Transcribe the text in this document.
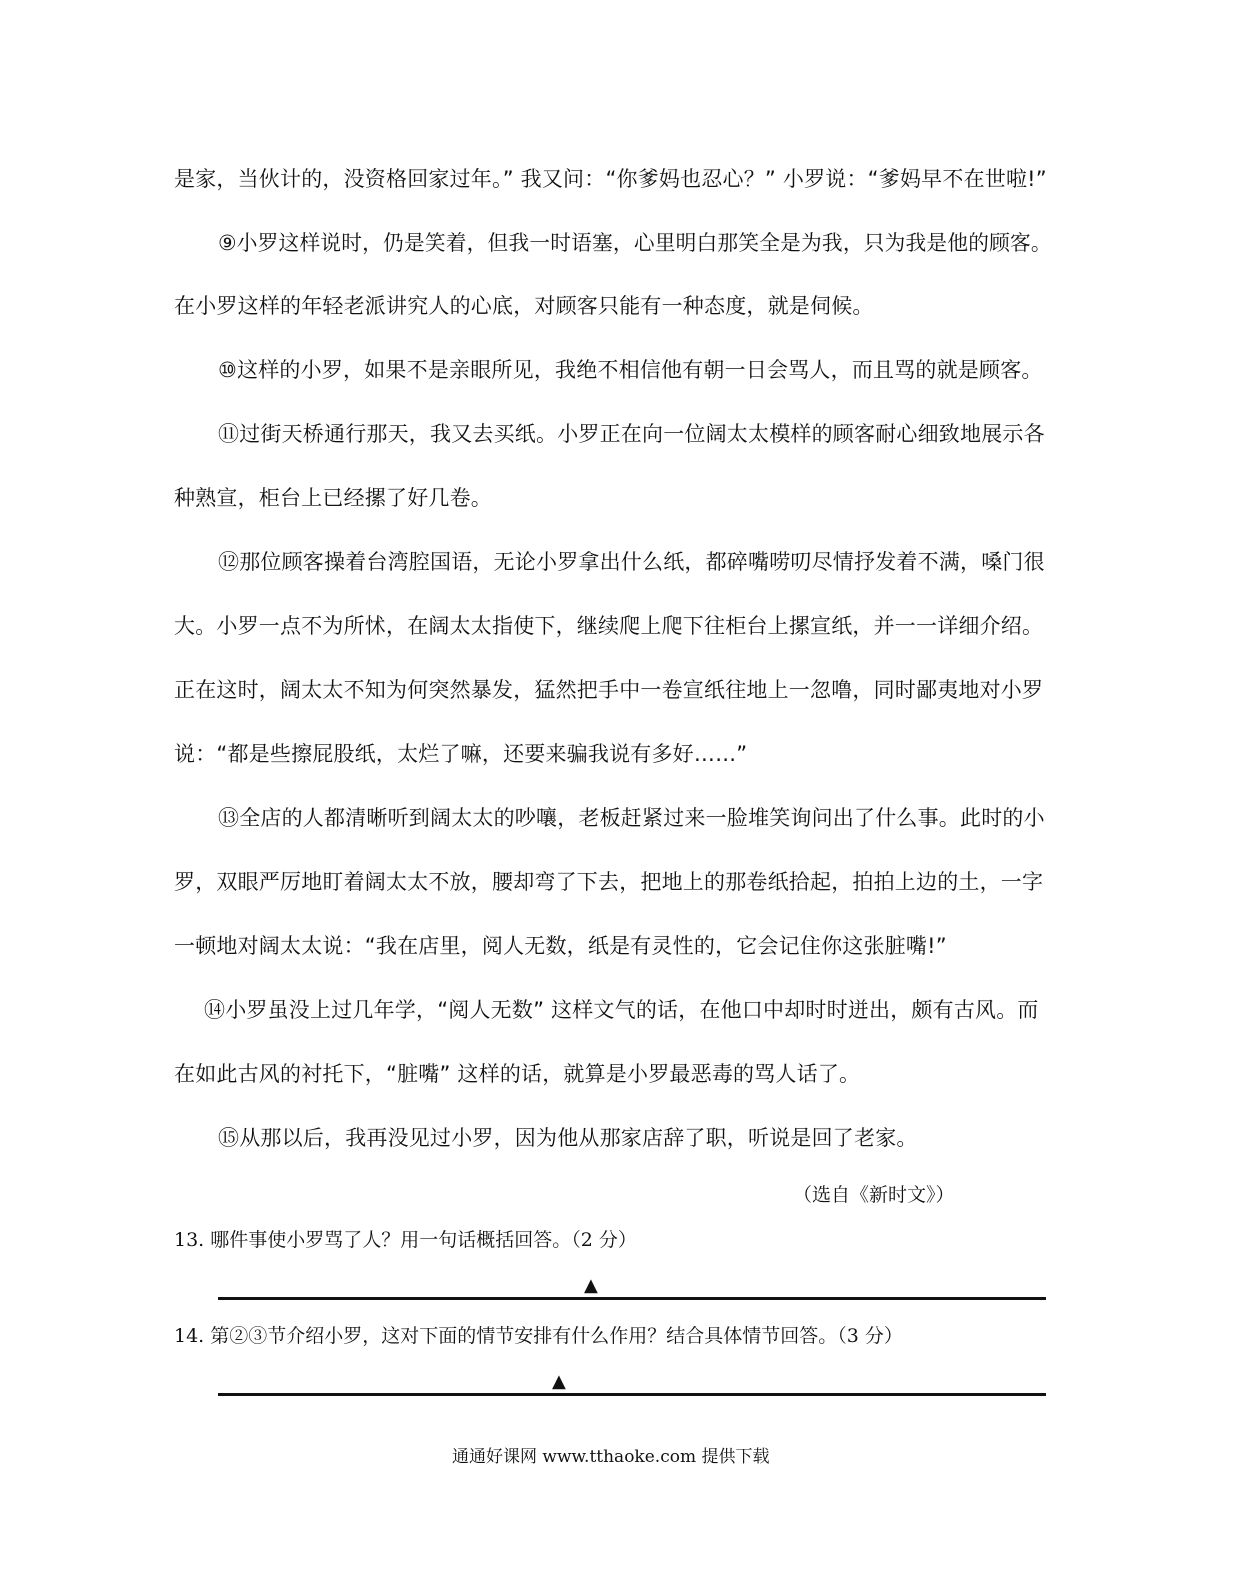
是家，当伙计的，没资格回家过年。” 我又问：“你爹妈也忍心？” 小罗说：“爹妈早不在世啦!”
⑨小罗这样说时，仍是笑着，但我一时语塞，心里明白那笑全是为我，只为我是他的顾客。
在小罗这样的年轻老派讲究人的心底，对顾客只能有一种态度，就是伺候。
⑩这样的小罗，如果不是亲眼所见，我绝不相信他有朝一日会骂人，而且骂的就是顾客。
⑪过街天桥通行那天，我又去买纸。小罗正在向一位阔太太模样的顾客耐心细致地展示各
种熟宣，柜台上已经摞了好几卷。
⑫那位顾客操着台湾腔国语，无论小罗拿出什么纸，都碎嘴唠叨尽情抒发着不满，嗓门很
大。小罗一点不为所怵，在阔太太指使下，继续爬上爬下往柜台上摞宣纸，并一一详细介绍。
正在这时，阔太太不知为何突然暴发，猛然把手中一卷宣纸往地上一忽噜，同时鄙夷地对小罗
说：“都是些擦屁股纸，太烂了嘛，还要来骗我说有多好……”
⑬全店的人都清晰听到阔太太的吵嚷，老板赶紧过来一脸堆笑询问出了什么事。此时的小
罗，双眼严厉地盯着阔太太不放，腰却弯了下去，把地上的那卷纸拾起，拍拍上边的土，一字
一顿地对阔太太说：“我在店里，阅人无数，纸是有灵性的，它会记住你这张脏嘴!”
⑭小罗虽没上过几年学，“阅人无数” 这样文气的话，在他口中却时时迸出，颇有古风。而
在如此古风的衬托下，“脏嘴” 这样的话，就算是小罗最恶毒的骂人话了。
⑮从那以后，我再没见过小罗，因为他从那家店辞了职，听说是回了老家。
（选自《新时文》）
13. 哪件事使小罗骂了人？用一句话概括回答。（2 分）
▲
14. 第②③节介绍小罗，这对下面的情节安排有什么作用？结合具体情节回答。（3 分）
▲
通通好课网 www.tthaoke.com 提供下载
